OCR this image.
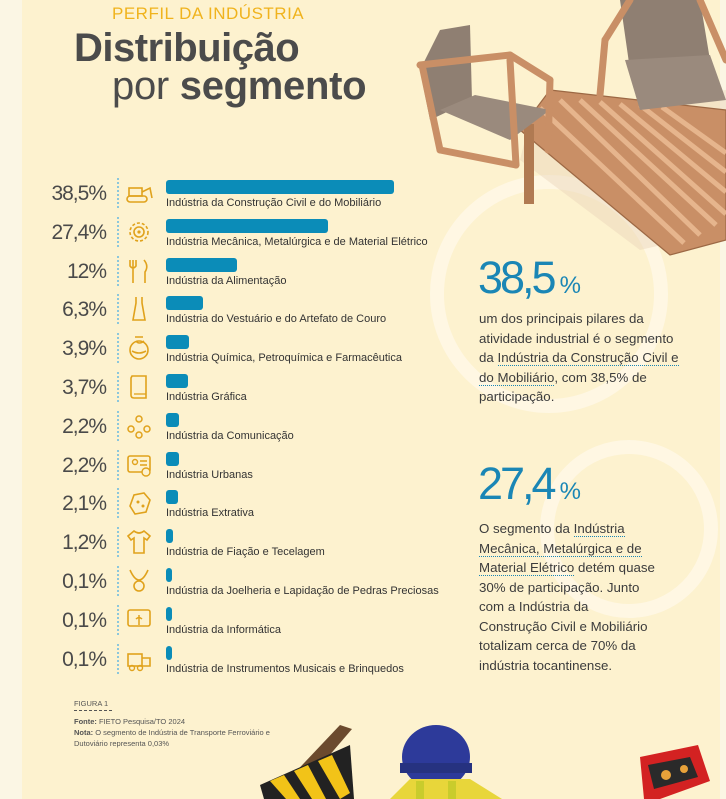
PERFIL DA INDÚSTRIA
Distribuição
por segmento
38,5%	Indústria da Construção Civil e do Mobiliário
27,4%	Indústria Mecânica, Metalúrgica e de Material Elétrico
12%	Indústria da Alimentação
6,3%	Indústria do Vestuário e do Artefato de Couro
3,9%	Indústria Química, Petroquímica e Farmacêutica
3,7%	Indústria Gráfica
2,2%	Indústria da Comunicação
2,2%	Indústria Urbanas
2,1%	Indústria Extrativa
1,2%	Indústria de Fiação e Tecelagem
0,1%	Indústria da Joelheria e Lapidação de Pedras Preciosas
0,1%	Indústria da Informática
0,1%	Indústria de Instrumentos Musicais e Brinquedos
38,5 %
um dos principais pilares da atividade industrial é o segmento da Indústria da Construção Civil e do Mobiliário, com 38,5% de participação.
27,4 %
O segmento da Indústria Mecânica, Metalúrgica e de Material Elétrico detém quase 30% de participação. Junto com a Indústria da Construção Civil e Mobiliário totalizam cerca de 70% da indústria tocantinense.
FIGURA 1
Fonte: FIETO Pesquisa/TO 2024
Nota: O segmento de Indústria de Transporte Ferroviário e Dutoviário representa 0,03%
